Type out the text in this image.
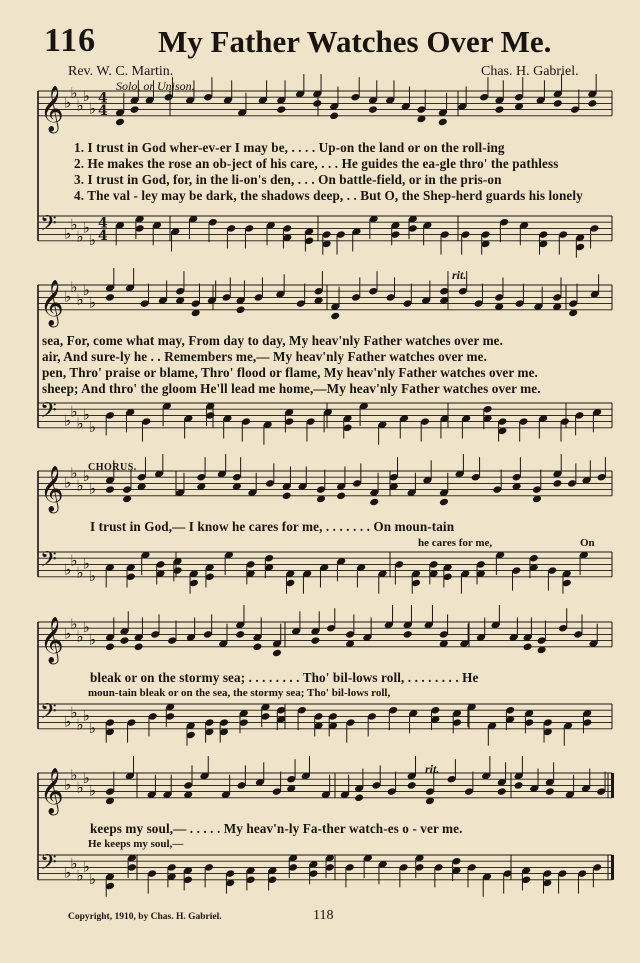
116 My Father Watches Over Me.
Rev. W. C. Martin.	Chas. H. Gabriel.
Solo, or Unison.
𝄞
𝄢
♭
♭
♭
♭
♭
♭
♭
♭
♭
♭
4
4
4
4
𝄞
𝄢
♭
♭
♭
♭
♭
♭
♭
♭
♭
♭
𝄞
𝄢
♭
♭
♭
♭
♭
♭
♭
♭
♭
♭
𝄞
𝄢
♭
♭
♭
♭
♭
♭
♭
♭
♭
♭
𝄞
𝄢
♭
♭
♭
♭
♭
♭
♭
♭
♭
♭
1. I trust in God wher-ev-er I may be, . . . . Up-on the land or on the roll-ing
2. He makes the rose an ob-ject of his care, . . . He guides the ea-gle thro' the pathless
3. I trust in God, for, in the li-on's den, . . . On battle-field, or in the pris-on
4. The val - ley may be dark, the shadows deep, . . But O, the Shep-herd guards his lonely
sea, For, come what may, From day to day, My heav'nly Father watches over me.
air, And sure-ly he . . Remembers me,— My heav'nly Father watches over me.
pen, Thro' praise or blame, Thro' flood or flame, My heav'nly Father watches over me.
sheep; And thro' the gloom He'll lead me home,—My heav'nly Father watches over me.
CHORUS.
I trust in God,— I know he cares for me, . . . . . . . On moun-tain
he cares for me,	On
bleak or on the stormy sea; . . . . . . . . Tho' bil-lows roll, . . . . . . . . He
moun-tain bleak or on the sea, the stormy sea; Tho' bil-lows roll,
keeps my soul,— . . . . . My heav'n-ly Fa-ther watch-es o - ver me.
He keeps my soul,—
rit.
rit.
Copyright, 1910, by Chas. H. Gabriel.	118
